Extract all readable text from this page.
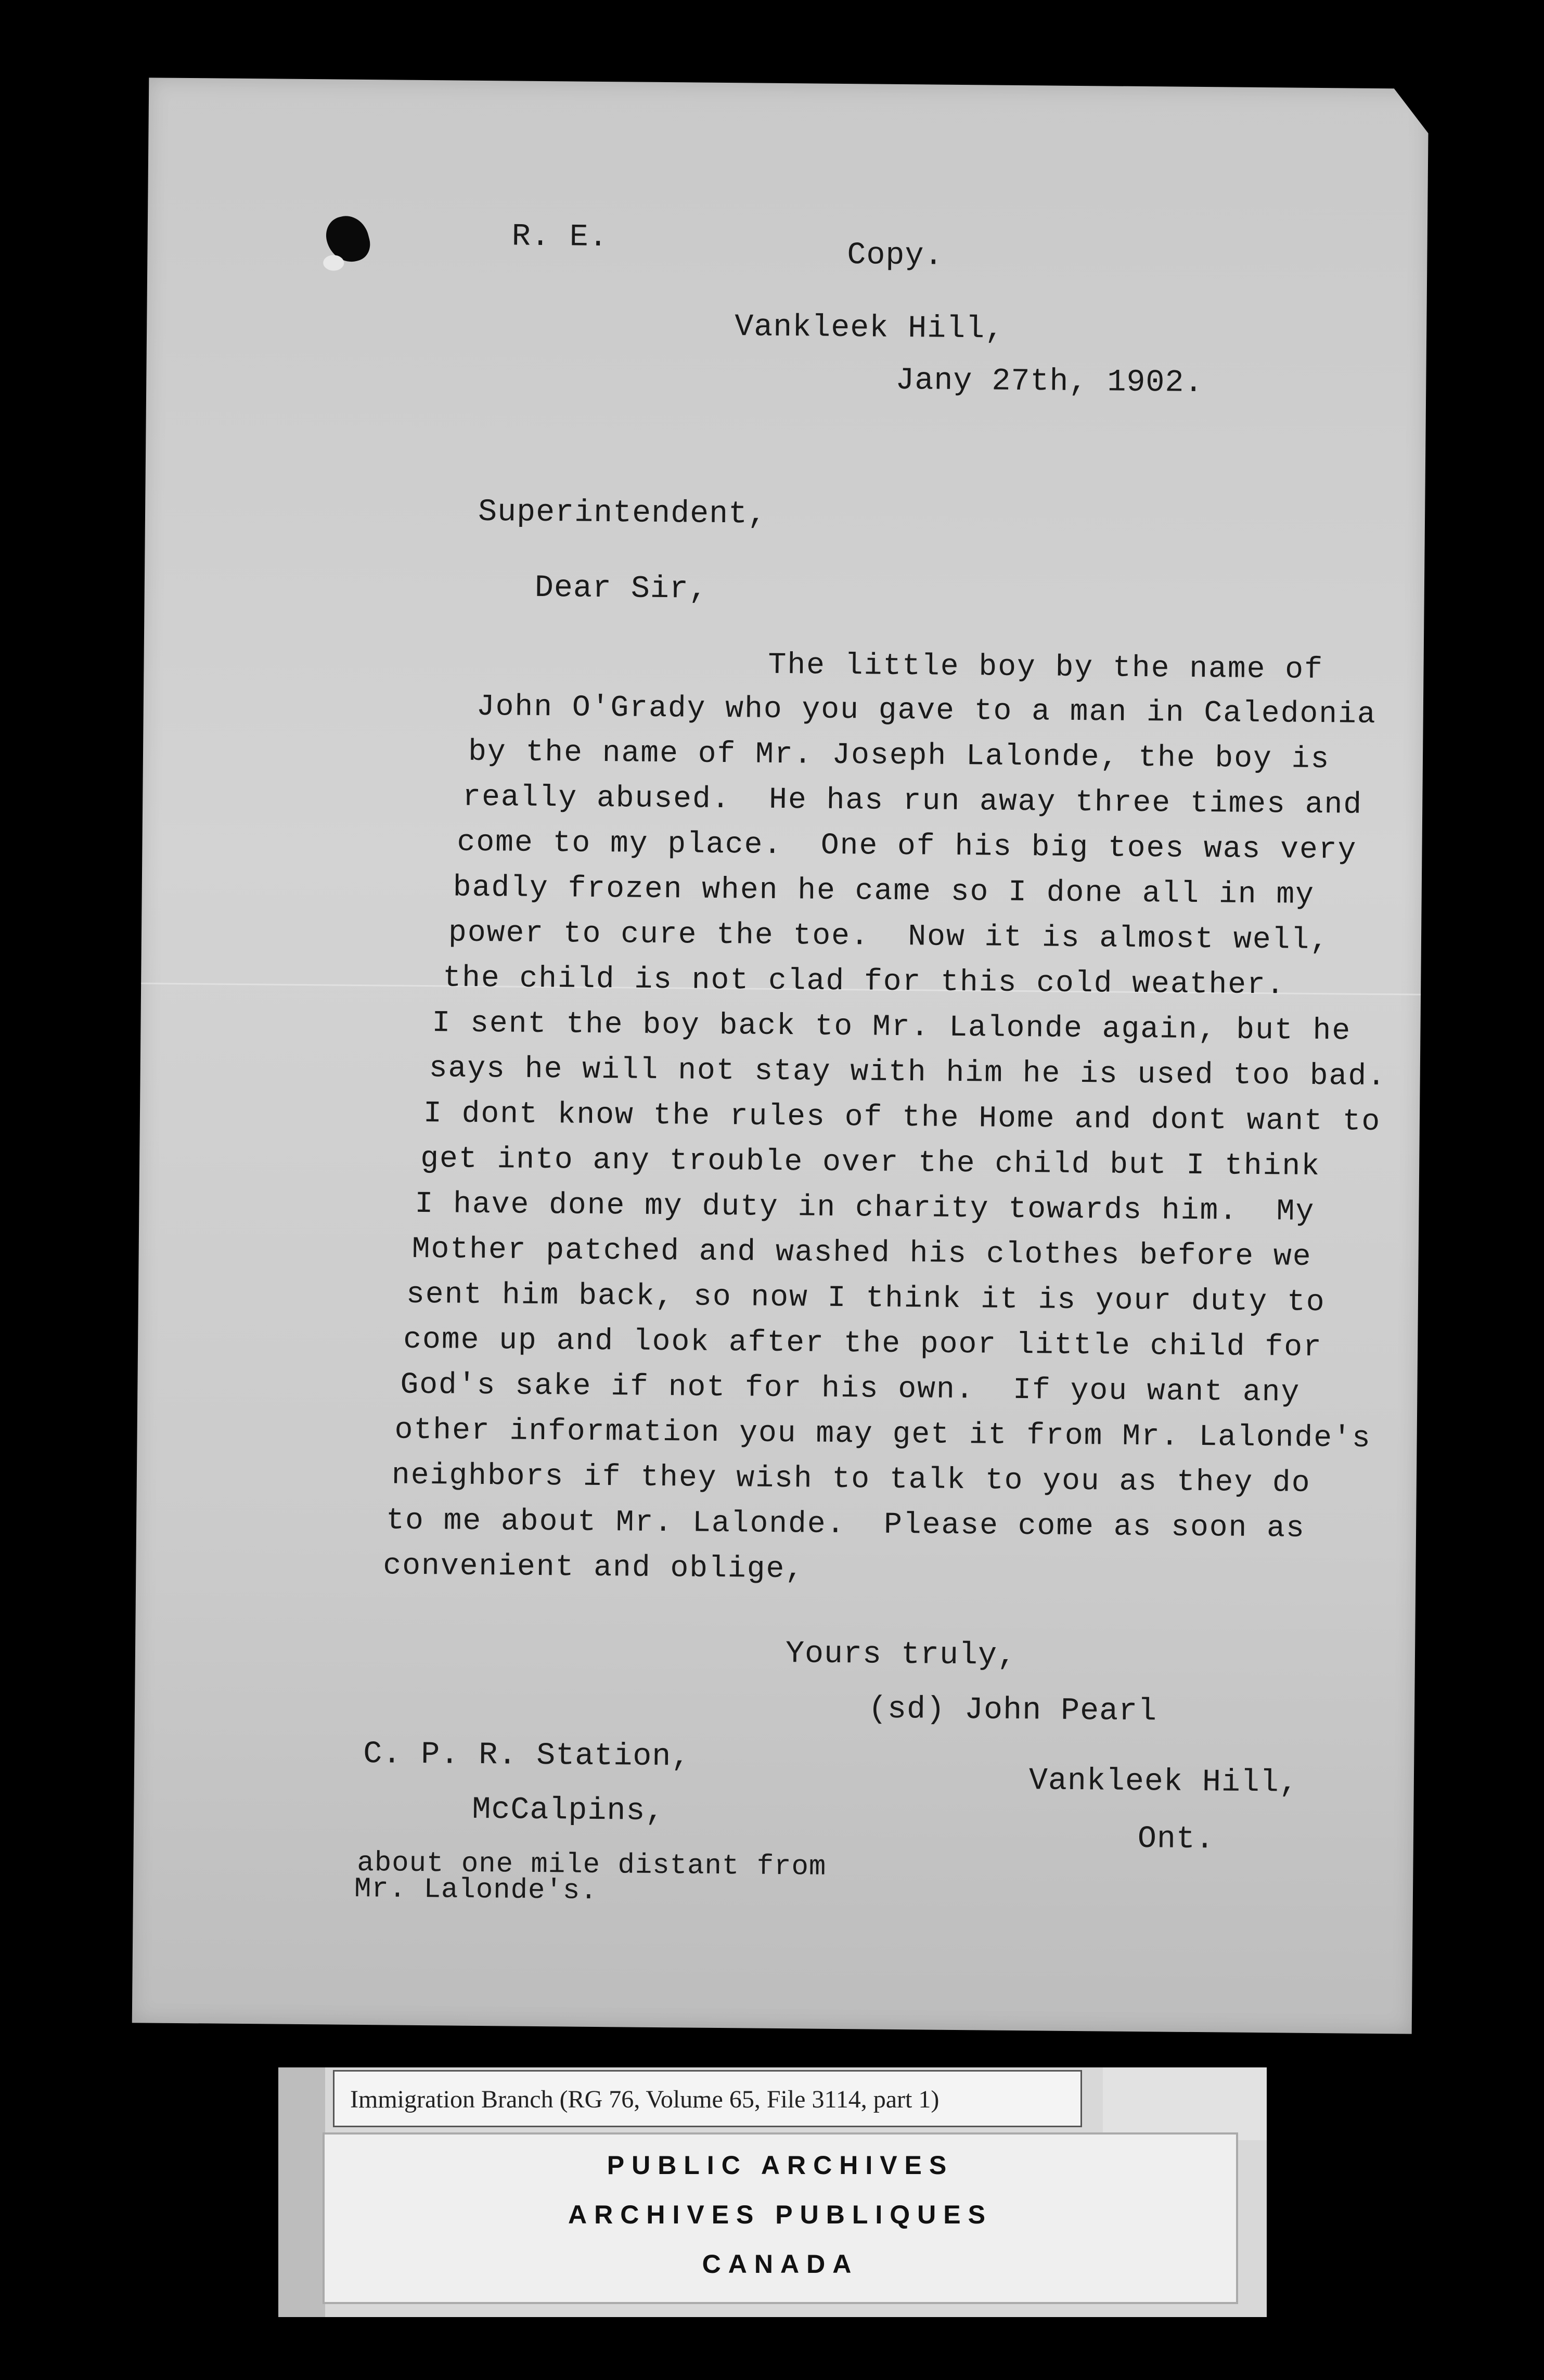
R. E.
Copy.
Vankleek Hill,
Jany 27th, 1902.
Superintendent,
Dear Sir,
The little boy by the name of
John O'Grady who you gave to a man in Caledonia
by the name of Mr. Joseph Lalonde, the boy is
really abused.  He has run away three times and
come to my place.  One of his big toes was very
badly frozen when he came so I done all in my
power to cure the toe.  Now it is almost well,
the child is not clad for this cold weather.
I sent the boy back to Mr. Lalonde again, but he
says he will not stay with him he is used too bad.
I dont know the rules of the Home and dont want to
get into any trouble over the child but I think
I have done my duty in charity towards him.  My
Mother patched and washed his clothes before we
sent him back, so now I think it is your duty to
come up and look after the poor little child for
God's sake if not for his own.  If you want any
other information you may get it from Mr. Lalonde's
neighbors if they wish to talk to you as they do
to me about Mr. Lalonde.  Please come as soon as
convenient and oblige,
Yours truly,
(sd) John Pearl
C. P. R. Station,
McCalpins,
Vankleek Hill,
Ont.
about one mile distant from
Mr. Lalonde's.
Immigration Branch (RG 76, Volume 65, File 3114, part 1)
PUBLIC ARCHIVES
ARCHIVES PUBLIQUES
CANADA
